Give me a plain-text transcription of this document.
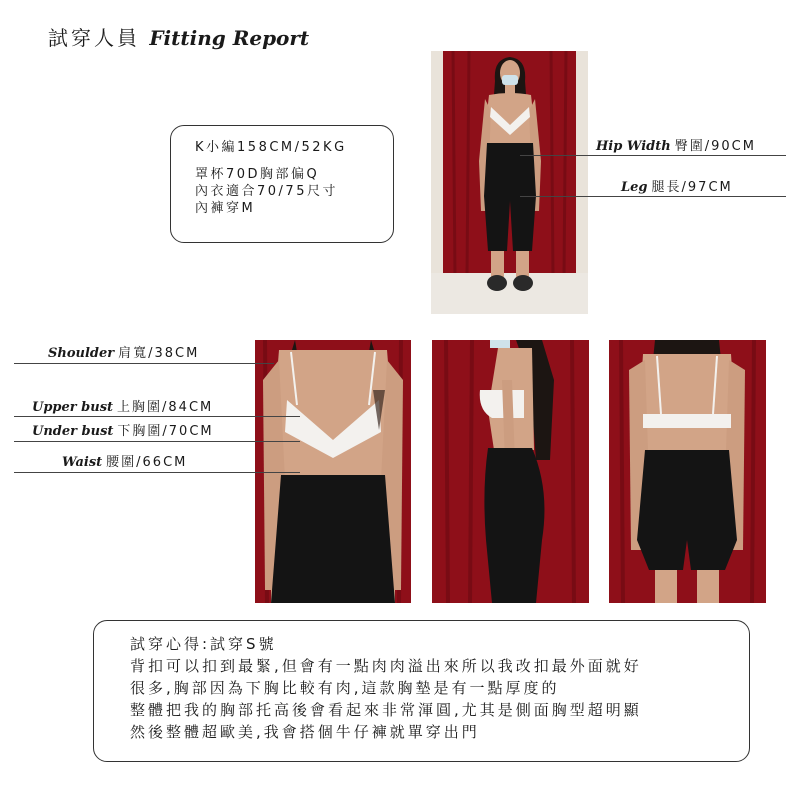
試穿人員 Fitting Report
K小編158CM/52KG
罩杯70D胸部偏Q
內衣適合70/75尺寸
內褲穿M
Hip Width 臀圍/90CM
Leg 腿長/97CM
Shoulder 肩寬/38CM
Upper bust 上胸圍/84CM
Under bust 下胸圍/70CM
Waist 腰圍/66CM
試穿心得:試穿S號
背扣可以扣到最緊,但會有一點肉肉溢出來所以我改扣最外面就好
很多,胸部因為下胸比較有肉,這款胸墊是有一點厚度的
整體把我的胸部托高後會看起來非常渾圓,尤其是側面胸型超明顯
然後整體超歐美,我會搭個牛仔褲就單穿出門
